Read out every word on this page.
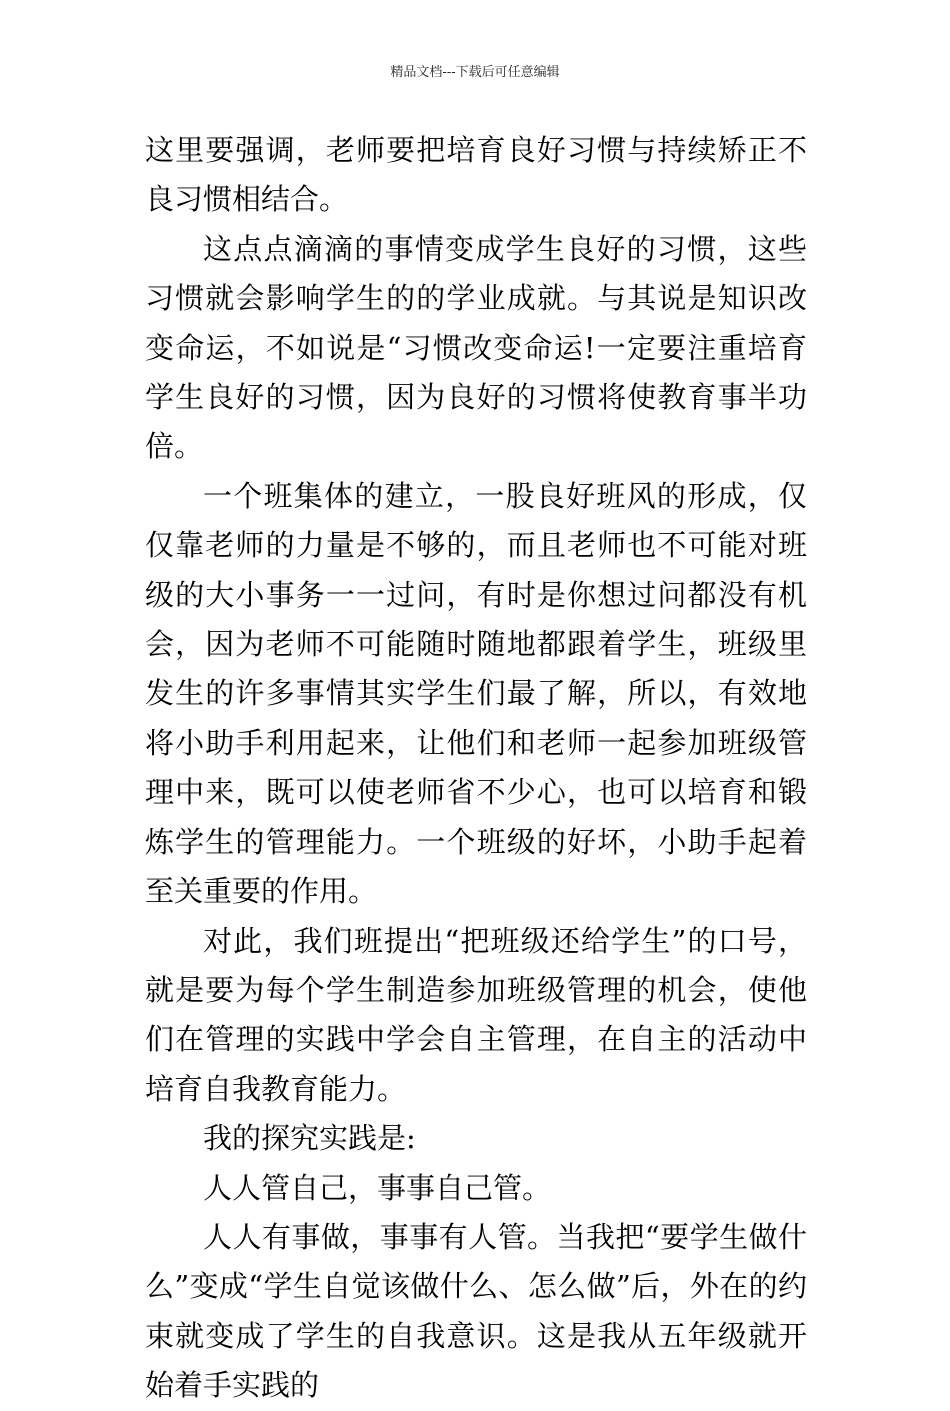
精品文档---下载后可任意编辑

这里要强调，老师要把培育良好习惯与持续矫正不良习惯相结合。

这点点滴滴的事情变成学生良好的习惯，这些习惯就会影响学生的的学业成就。与其说是知识改变命运，不如说是“习惯改变命运!一定要注重培育学生良好的习惯，因为良好的习惯将使教育事半功倍。

一个班集体的建立，一股良好班风的形成，仅仅靠老师的力量是不够的，而且老师也不可能对班级的大小事务一一过问，有时是你想过问都没有机会，因为老师不可能随时随地都跟着学生，班级里发生的许多事情其实学生们最了解，所以，有效地将小助手利用起来，让他们和老师一起参加班级管理中来，既可以使老师省不少心，也可以培育和锻炼学生的管理能力。一个班级的好坏，小助手起着至关重要的作用。

对此，我们班提出“把班级还给学生”的口号，就是要为每个学生制造参加班级管理的机会，使他们在管理的实践中学会自主管理，在自主的活动中培育自我教育能力。

我的探究实践是:

人人管自己，事事自己管。

人人有事做，事事有人管。当我把“要学生做什么”变成“学生自觉该做什么、怎么做”后，外在的约束就变成了学生的自我意识。这是我从五年级就开始着手实践的
